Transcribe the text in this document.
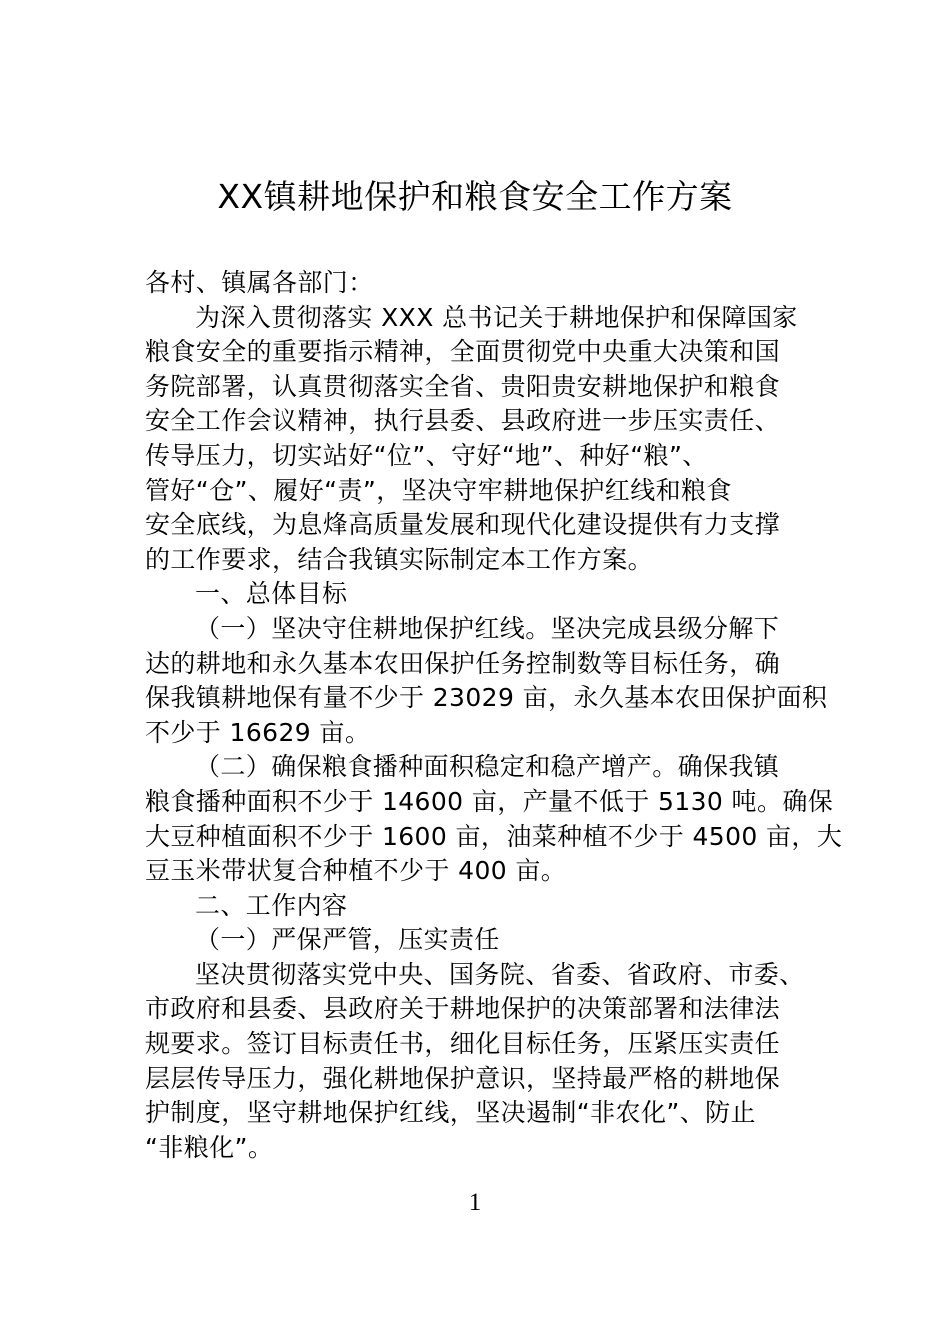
XX镇耕地保护和粮食安全工作方案
各村、镇属各部门：
为深入贯彻落实 XXX 总书记关于耕地保护和保障国家
粮食安全的重要指示精神，全面贯彻党中央重大决策和国
务院部署，认真贯彻落实全省、贵阳贵安耕地保护和粮食
安全工作会议精神，执行县委、县政府进一步压实责任、
传导压力，切实站好“位”、守好“地”、种好“粮”、
管好“仓”、履好“责”，坚决守牢耕地保护红线和粮食
安全底线，为息烽高质量发展和现代化建设提供有力支撑
的工作要求，结合我镇实际制定本工作方案。
一、总体目标
（一）坚决守住耕地保护红线。坚决完成县级分解下
达的耕地和永久基本农田保护任务控制数等目标任务，确
保我镇耕地保有量不少于 23029 亩，永久基本农田保护面积
不少于 16629 亩。
（二）确保粮食播种面积稳定和稳产增产。确保我镇
粮食播种面积不少于 14600 亩，产量不低于 5130 吨。确保
大豆种植面积不少于 1600 亩，油菜种植不少于 4500 亩，大
豆玉米带状复合种植不少于 400 亩。
二、工作内容
（一）严保严管，压实责任
坚决贯彻落实党中央、国务院、省委、省政府、市委、
市政府和县委、县政府关于耕地保护的决策部署和法律法
规要求。签订目标责任书，细化目标任务，压紧压实责任
层层传导压力，强化耕地保护意识，坚持最严格的耕地保
护制度，坚守耕地保护红线，坚决遏制“非农化”、防止
“非粮化”。
1
